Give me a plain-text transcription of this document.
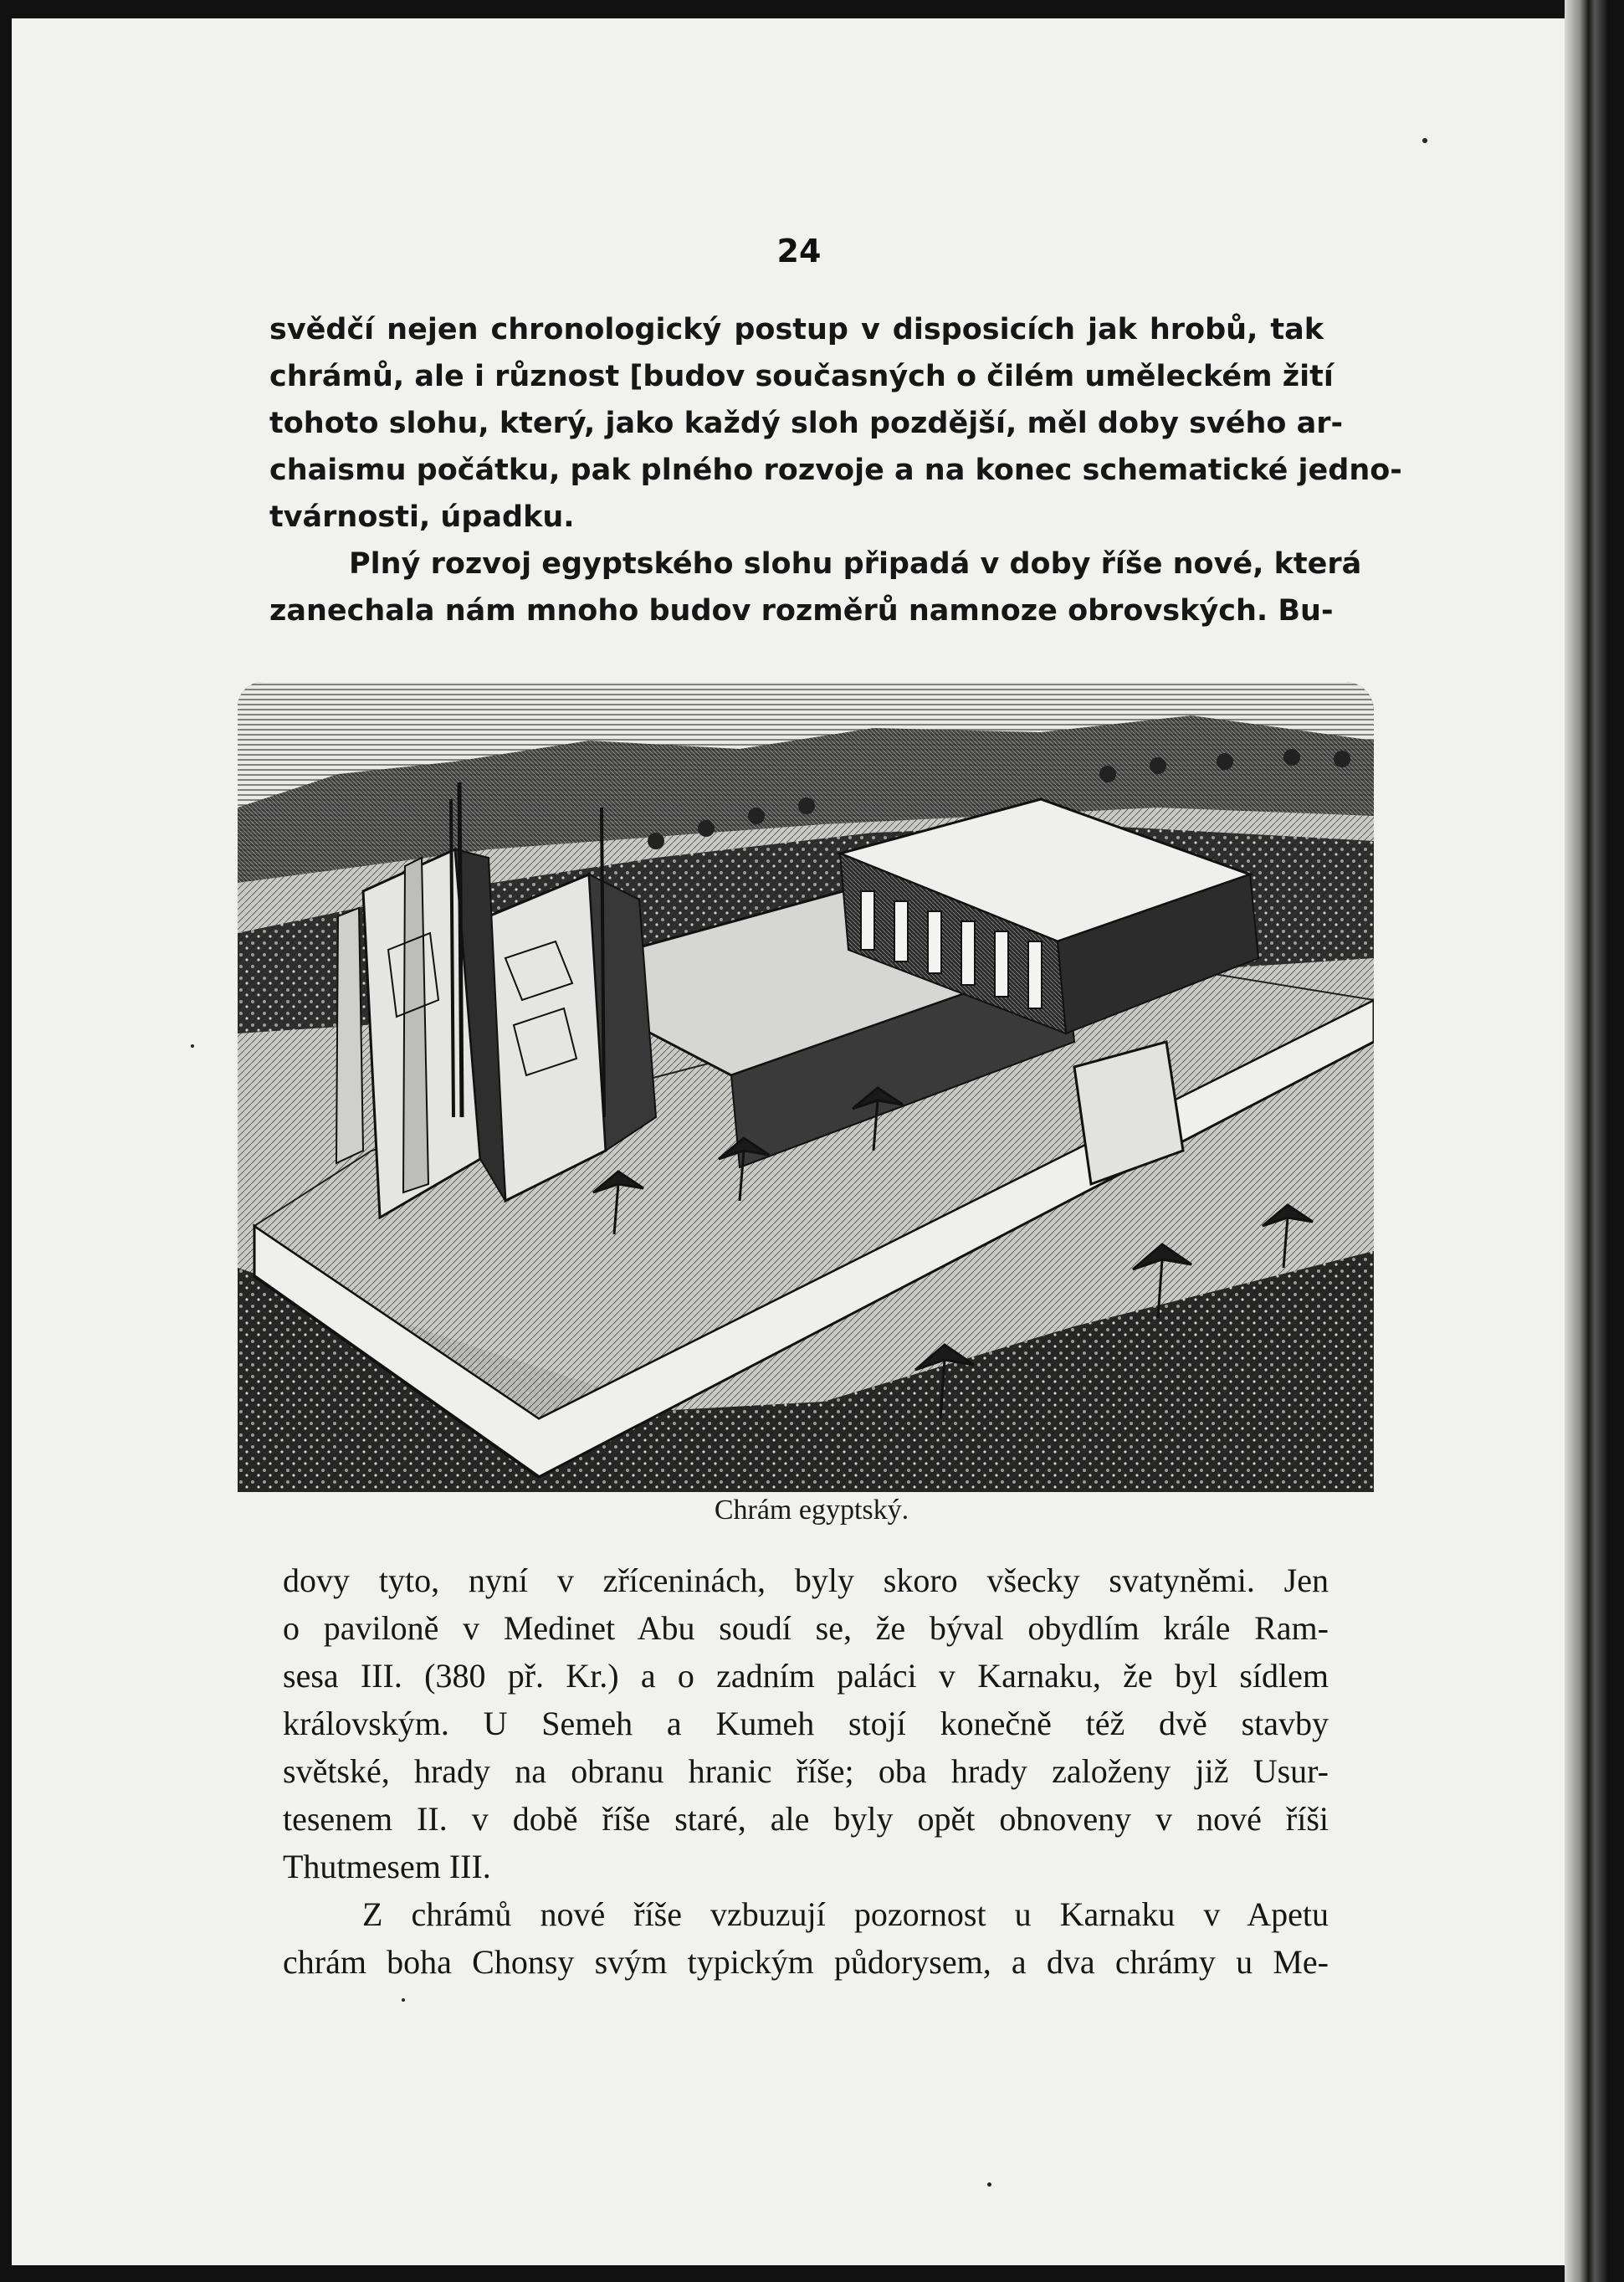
24
svědčí nejen chronologický postup v disposicích jak hrobů, tak
chrámů, ale i různost [budov současných o čilém uměleckém žití
tohoto slohu, který, jako každý sloh pozdější, měl doby svého ar-
chaismu počátku, pak plného rozvoje a na konec schematické jedno-
tvárnosti, úpadku.
Plný rozvoj egyptského slohu připadá v doby říše nové, která
zanechala nám mnoho budov rozměrů namnoze obrovských. Bu-
Chrám egyptský.
dovy tyto, nyní v zříceninách, byly skoro všecky svatyněmi. Jen
o paviloně v Medinet Abu soudí se, že býval obydlím krále Ram-
sesa III. (380 př. Kr.) a o zadním paláci v Karnaku, že byl sídlem
královským. U Semeh a Kumeh stojí konečně též dvě stavby
světské, hrady na obranu hranic říše; oba hrady založeny již Usur-
tesenem II. v době říše staré, ale byly opět obnoveny v nové říši
Thutmesem III.
Z chrámů nové říše vzbuzují pozornost u Karnaku v Apetu
chrám boha Chonsy svým typickým půdorysem, a dva chrámy u Me-
